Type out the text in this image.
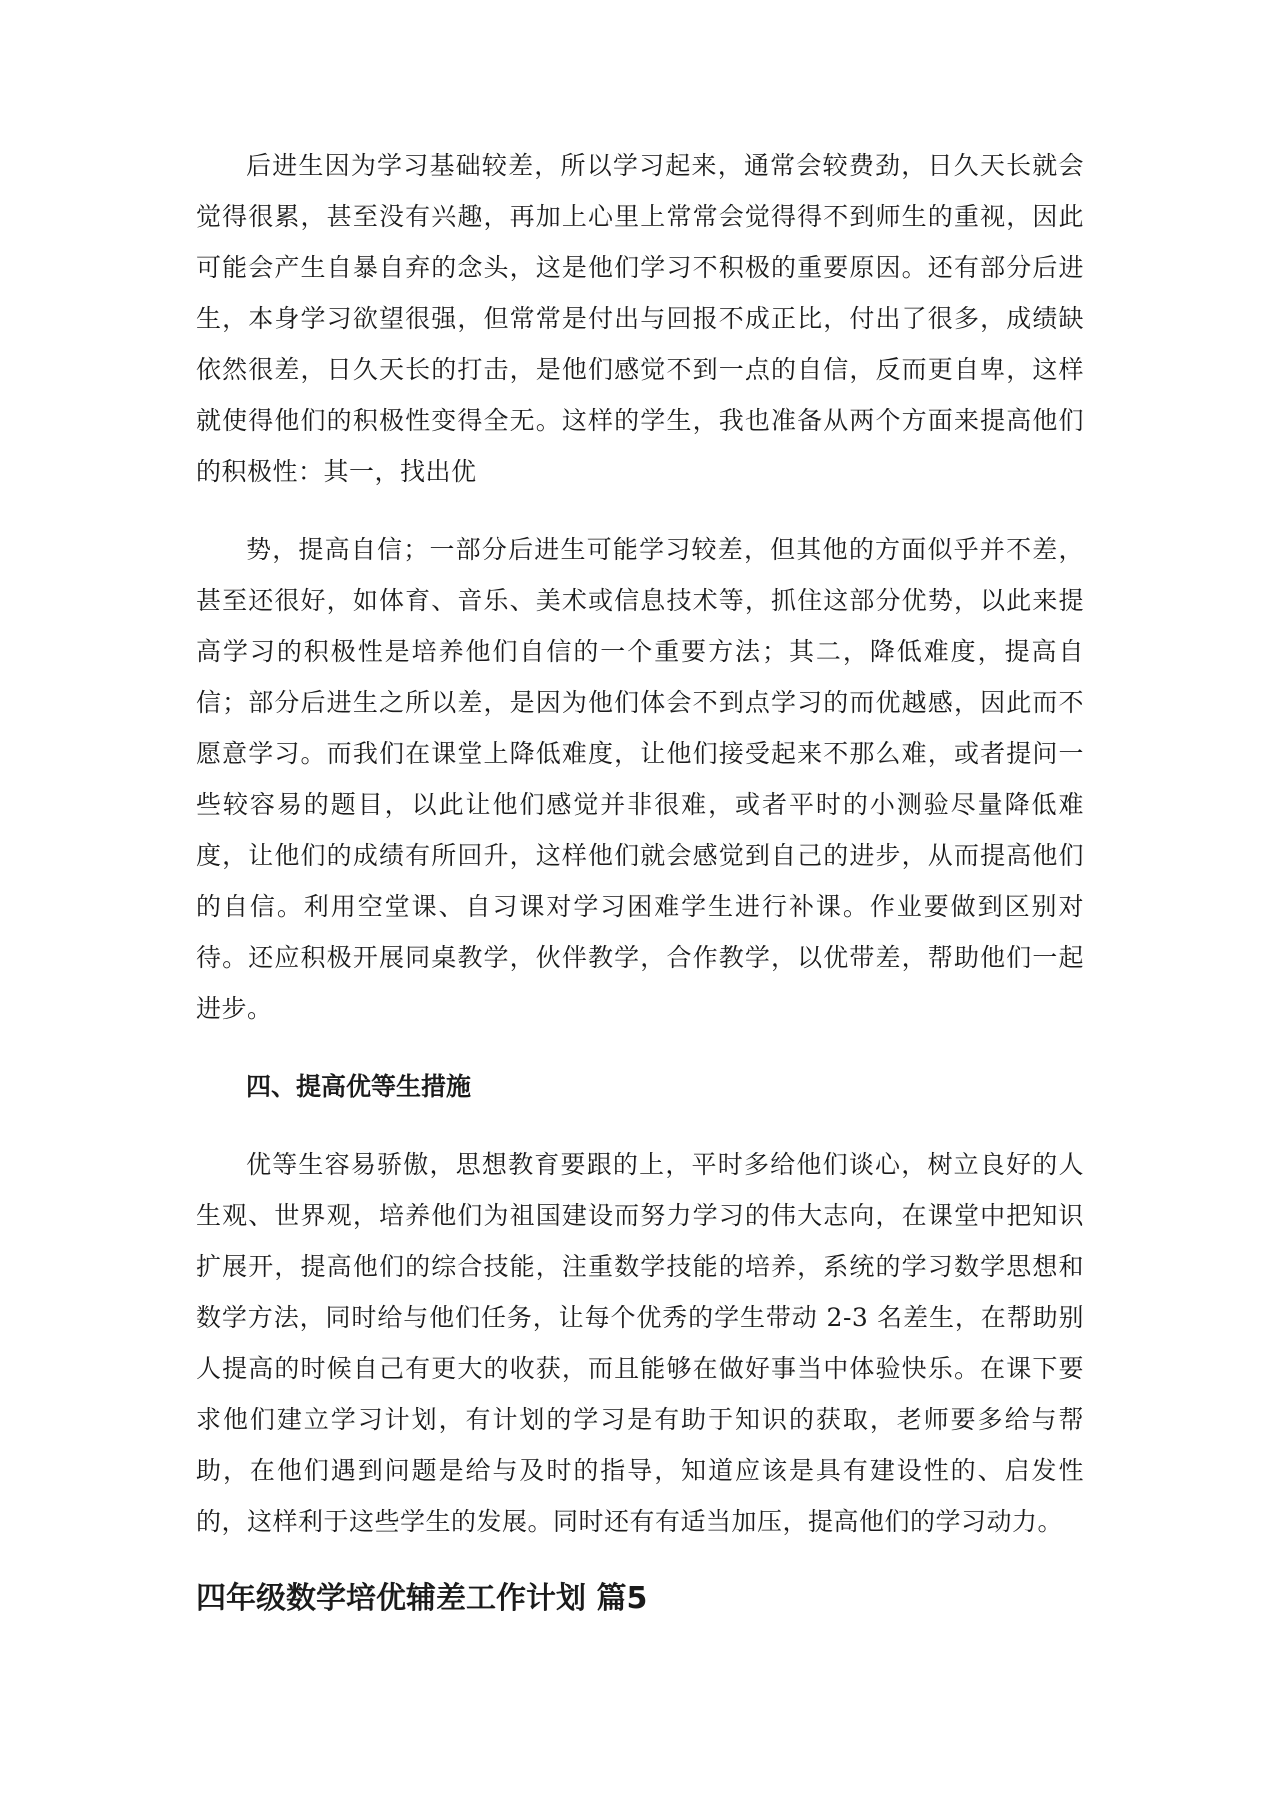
后进生因为学习基础较差，所以学习起来，通常会较费劲，日久天长就会觉得很累，甚至没有兴趣，再加上心里上常常会觉得得不到师生的重视，因此可能会产生自暴自弃的念头，这是他们学习不积极的重要原因。还有部分后进生，本身学习欲望很强，但常常是付出与回报不成正比，付出了很多，成绩缺依然很差，日久天长的打击，是他们感觉不到一点的自信，反而更自卑，这样就使得他们的积极性变得全无。这样的学生，我也准备从两个方面来提高他们的积极性：其一，找出优

势，提高自信；一部分后进生可能学习较差，但其他的方面似乎并不差，甚至还很好，如体育、音乐、美术或信息技术等，抓住这部分优势，以此来提高学习的积极性是培养他们自信的一个重要方法；其二，降低难度，提高自信；部分后进生之所以差，是因为他们体会不到点学习的而优越感，因此而不愿意学习。而我们在课堂上降低难度，让他们接受起来不那么难，或者提问一些较容易的题目，以此让他们感觉并非很难，或者平时的小测验尽量降低难度，让他们的成绩有所回升，这样他们就会感觉到自己的进步，从而提高他们的自信。利用空堂课、自习课对学习困难学生进行补课。作业要做到区别对待。还应积极开展同桌教学，伙伴教学，合作教学，以优带差，帮助他们一起进步。

四、提高优等生措施

优等生容易骄傲，思想教育要跟的上，平时多给他们谈心，树立良好的人生观、世界观，培养他们为祖国建设而努力学习的伟大志向，在课堂中把知识扩展开，提高他们的综合技能，注重数学技能的培养，系统的学习数学思想和数学方法，同时给与他们任务，让每个优秀的学生带动 2-3 名差生，在帮助别人提高的时候自己有更大的收获，而且能够在做好事当中体验快乐。在课下要求他们建立学习计划，有计划的学习是有助于知识的获取，老师要多给与帮助，在他们遇到问题是给与及时的指导，知道应该是具有建设性的、启发性的，这样利于这些学生的发展。同时还有有适当加压，提高他们的学习动力。

四年级数学培优辅差工作计划 篇5
